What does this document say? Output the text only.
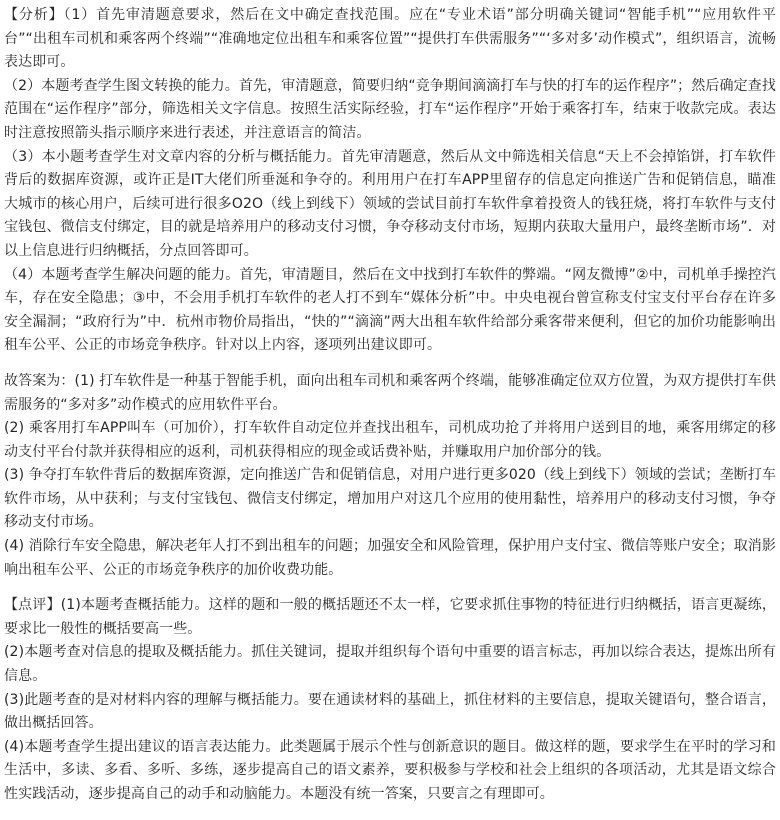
【分析】（1）首先审清题意要求，然后在文中确定查找范围。应在“专业术语”部分明确关键词“智能手机”“应用软件平台”“出租车司机和乘客两个终端”“准确地定位出租车和乘客位置”“提供打车供需服务”“‘多对多’动作模式”，组织语言，流畅表达即可。

（2）本题考查学生图文转换的能力。首先，审清题意，简要归纳“竞争期间滴滴打车与快的打车的运作程序”；然后确定查找范围在“运作程序”部分，筛选相关文字信息。按照生活实际经验，打车“运作程序”开始于乘客打车，结束于收款完成。表达时注意按照箭头指示顺序来进行表述，并注意语言的简洁。

（3）本小题考查学生对文章内容的分析与概括能力。首先审清题意，然后从文中筛选相关信息“天上不会掉馅饼，打车软件背后的数据库资源，或许正是IT大佬们所垂涎和争夺的。利用用户在打车APP里留存的信息定向推送广告和促销信息，瞄准大城市的核心用户，后续可进行很多O2O（线上到线下）领域的尝试目前打车软件拿着投资人的钱狂烧，将打车软件与支付宝钱包、微信支付绑定，目的就是培养用户的移动支付习惯，争夺移动支付市场，短期内获取大量用户，最终垄断市场”．对以上信息进行归纳概括，分点回答即可。

（4）本题考查学生解决问题的能力。首先，审清题目，然后在文中找到打车软件的弊端。“网友微博”②中，司机单手操控汽车，存在安全隐患；③中，不会用手机打车软件的老人打不到车“媒体分析”中。中央电视台曾宣称支付宝支付平台存在许多安全漏洞；“政府行为”中．杭州市物价局指出，“快的”“滴滴”两大出租车软件给部分乘客带来便利，但它的加价功能影响出租车公平、公正的市场竞争秩序。针对以上内容，逐项列出建议即可。

故答案为：(1) 打车软件是一种基于智能手机，面向出租车司机和乘客两个终端，能够准确定位双方位置，为双方提供打车供需服务的“多对多”动作模式的应用软件平台。

(2) 乘客用打车APP叫车（可加价），打车软件自动定位并查找出租车，司机成功抢了并将用户送到目的地，乘客用绑定的移动支付平台付款并获得相应的返利，司机获得相应的现金或话费补贴，并赚取用户加价部分的钱。

(3) 争夺打车软件背后的数据库资源，定向推送广告和促销信息，对用户进行更多020（线上到线下）领域的尝试；垄断打车软件市场，从中获利；与支付宝钱包、微信支付绑定，增加用户对这几个应用的使用黏性，培养用户的移动支付习惯，争夺移动支付市场。

(4) 消除行车安全隐患，解决老年人打不到出租车的问题；加强安全和风险管理，保护用户支付宝、微信等账户安全；取消影响出租车公平、公正的市场竞争秩序的加价收费功能。

【点评】(1)本题考查概括能力。这样的题和一般的概括题还不太一样，它要求抓住事物的特征进行归纳概括，语言更凝练，要求比一般性的概括要高一些。

(2)本题考查对信息的提取及概括能力。抓住关键词，提取并组织每个语句中重要的语言标志，再加以综合表达，提炼出所有信息。

(3)此题考查的是对材料内容的理解与概括能力。要在通读材料的基础上，抓住材料的主要信息，提取关键语句，整合语言，做出概括回答。

(4)本题考查学生提出建议的语言表达能力。此类题属于展示个性与创新意识的题目。做这样的题，要求学生在平时的学习和生活中，多读、多看、多听、多练，逐步提高自己的语文素养，要积极参与学校和社会上组织的各项活动，尤其是语文综合性实践活动，逐步提高自己的动手和动脑能力。本题没有统一答案，只要言之有理即可。
